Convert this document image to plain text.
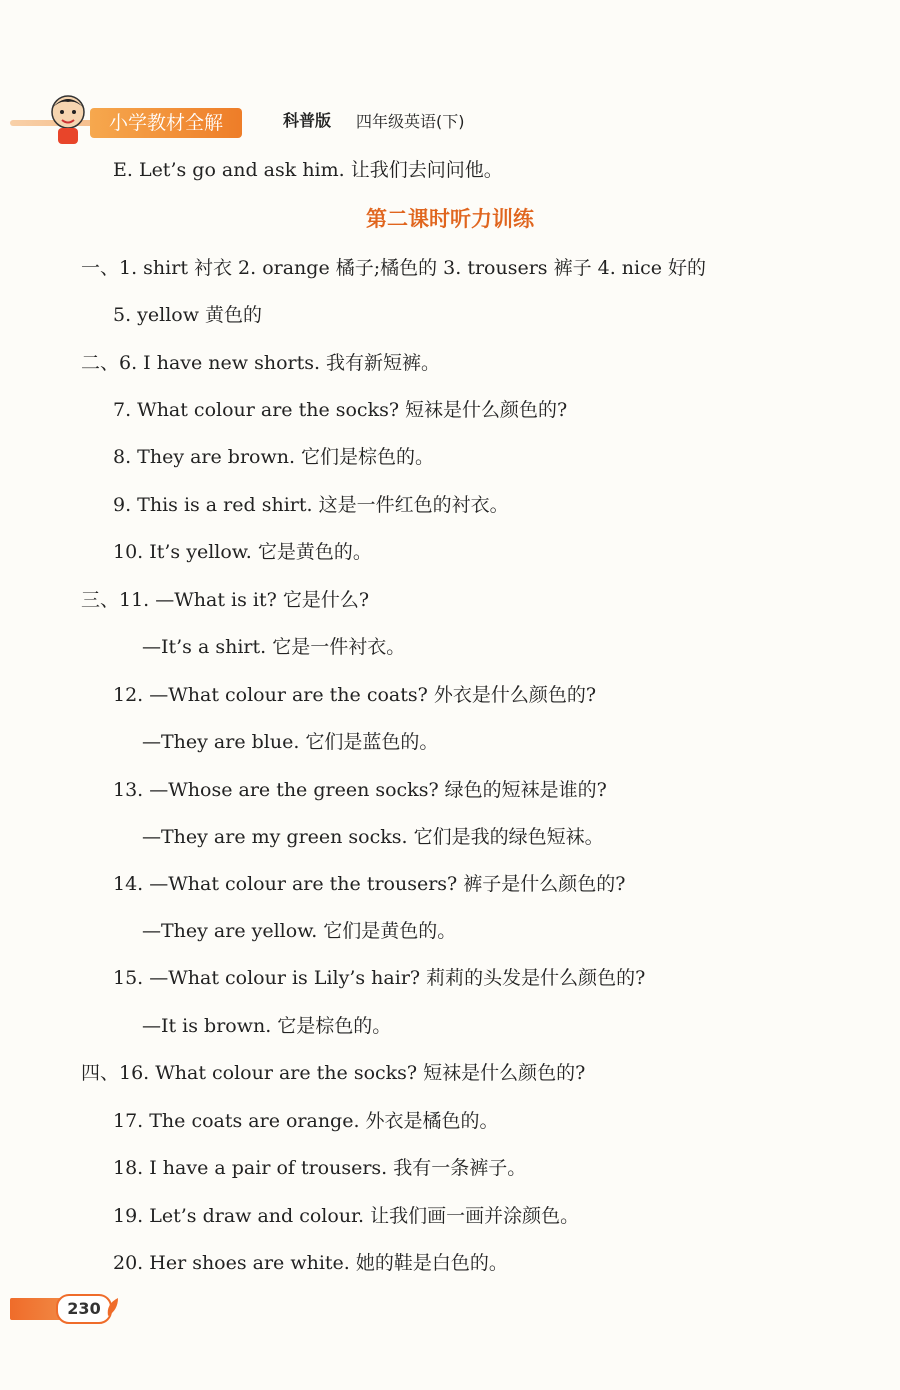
小学教材全解	科普版 四年级英语(下)
E. Let’s go and ask him. 让我们去问问他。
第二课时听力训练
一、1. shirt 衬衣 2. orange 橘子;橘色的 3. trousers 裤子 4. nice 好的
5. yellow 黄色的
二、6. I have new shorts. 我有新短裤。
7. What colour are the socks? 短袜是什么颜色的?
8. They are brown. 它们是棕色的。
9. This is a red shirt. 这是一件红色的衬衣。
10. It’s yellow. 它是黄色的。
三、11. —What is it? 它是什么?
—It’s a shirt. 它是一件衬衣。
12. —What colour are the coats? 外衣是什么颜色的?
—They are blue. 它们是蓝色的。
13. —Whose are the green socks? 绿色的短袜是谁的?
—They are my green socks. 它们是我的绿色短袜。
14. —What colour are the trousers? 裤子是什么颜色的?
—They are yellow. 它们是黄色的。
15. —What colour is Lily’s hair? 莉莉的头发是什么颜色的?
—It is brown. 它是棕色的。
四、16. What colour are the socks? 短袜是什么颜色的?
17. The coats are orange. 外衣是橘色的。
18. I have a pair of trousers. 我有一条裤子。
19. Let’s draw and colour. 让我们画一画并涂颜色。
20. Her shoes are white. 她的鞋是白色的。
230
